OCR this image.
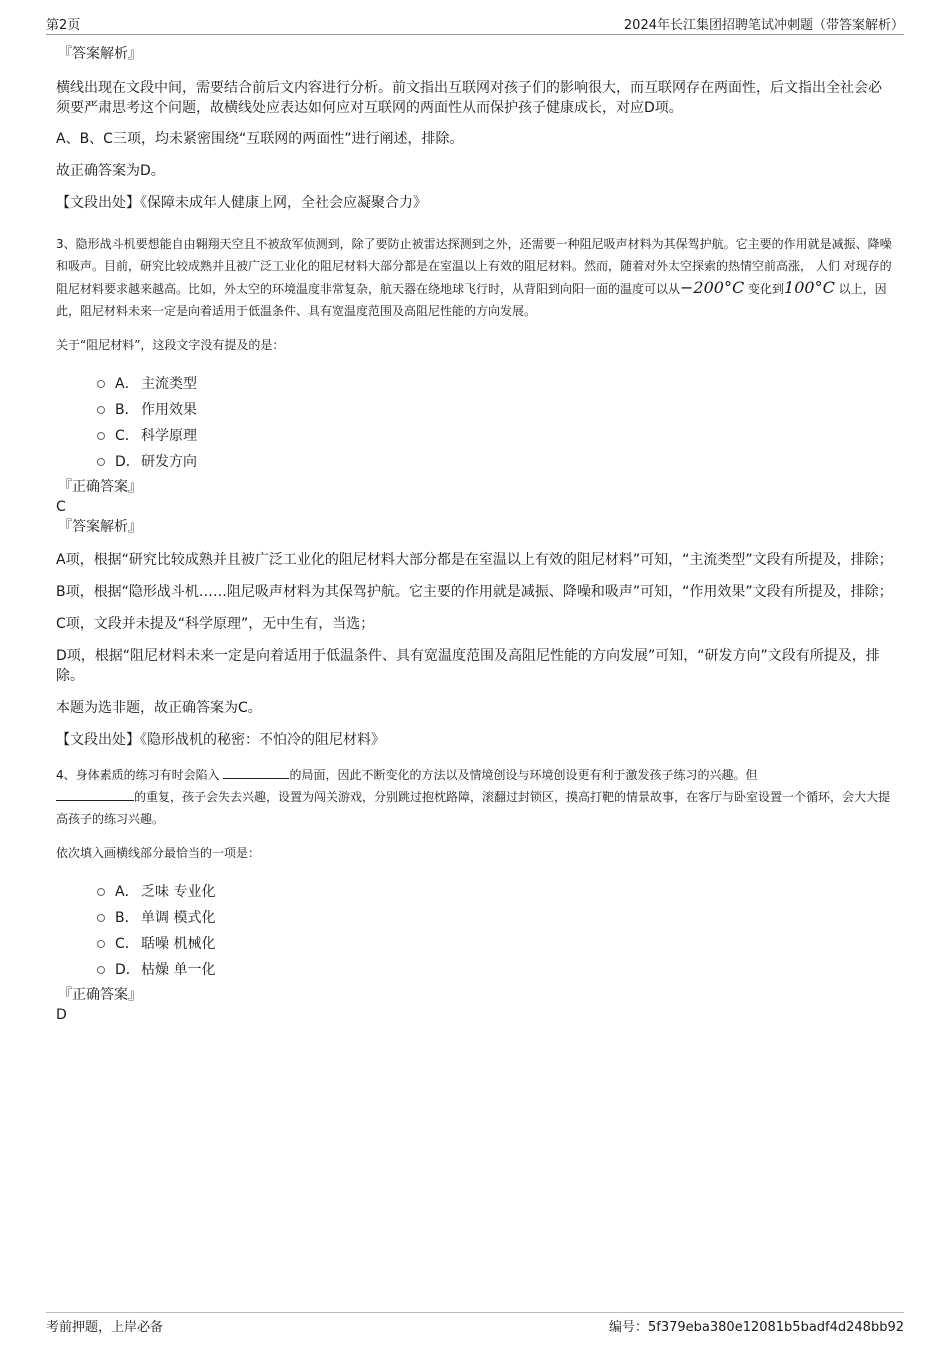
第2页	2024年长江集团招聘笔试冲刺题（带答案解析）

『答案解析』

横线出现在文段中间，需要结合前后文内容进行分析。前文指出互联网对孩子们的影响很大，而互联网存在两面性，后文指出全社会必须要严肃思考这个问题，故横线处应表达如何应对互联网的两面性从而保护孩子健康成长，对应D项。

A、B、C三项，均未紧密围绕“互联网的两面性”进行阐述，排除。

故正确答案为D。

【文段出处】《保障未成年人健康上网，全社会应凝聚合力》

3、隐形战斗机要想能自由翱翔天空且不被敌军侦测到，除了要防止被雷达探测到之外，还需要一种阻尼吸声材料为其保驾护航。它主要的作用就是减振、降噪和吸声。目前，研究比较成熟并且被广泛工业化的阻尼材料大部分都是在室温以上有效的阻尼材料。然而，随着对外太空探索的热情空前高涨， 人们 对现存的阻尼材料要求越来越高。比如，外太空的环境温度非常复杂，航天器在绕地球飞行时，从背阳到向阳一面的温度可以从−200°C 变化到100°C 以上，因此，阻尼材料未来一定是向着适用于低温条件、具有宽温度范围及高阻尼性能的方向发展。

关于“阻尼材料”，这段文字没有提及的是：

A． 主流类型
B． 作用效果
C． 科学原理
D．研发方向

『正确答案』

C

『答案解析』

A项，根据“研究比较成熟并且被广泛工业化的阻尼材料大部分都是在室温以上有效的阻尼材料”可知，“主流类型”文段有所提及，排除；

B项，根据“隐形战斗机……阻尼吸声材料为其保驾护航。它主要的作用就是减振、降噪和吸声”可知，“作用效果”文段有所提及，排除；

C项，文段并未提及“科学原理”，无中生有，当选；

D项，根据“阻尼材料未来一定是向着适用于低温条件、具有宽温度范围及高阻尼性能的方向发展”可知，“研发方向”文段有所提及，排除。

本题为选非题，故正确答案为C。

【文段出处】《隐形战机的秘密：不怕冷的阻尼材料》

4、身体素质的练习有时会陷入	的局面，因此不断变化的方法以及情境创设与环境创设更有利于激发孩子练习的兴趣。但
的重复，孩子会失去兴趣，设置为闯关游戏，分别跳过抱枕路障，滚翻过封锁区，摸高打靶的情景故事，在客厅与卧室设置一个循环，会大大提高孩子的练习兴趣。

依次填入画横线部分最恰当的一项是：

A． 乏味 专业化
B． 单调 模式化
C． 聒噪 机械化
D．枯燥 单一化

『正确答案』

D

考前押题，上岸必备	编号：5f379eba380e12081b5badf4d248bb92
